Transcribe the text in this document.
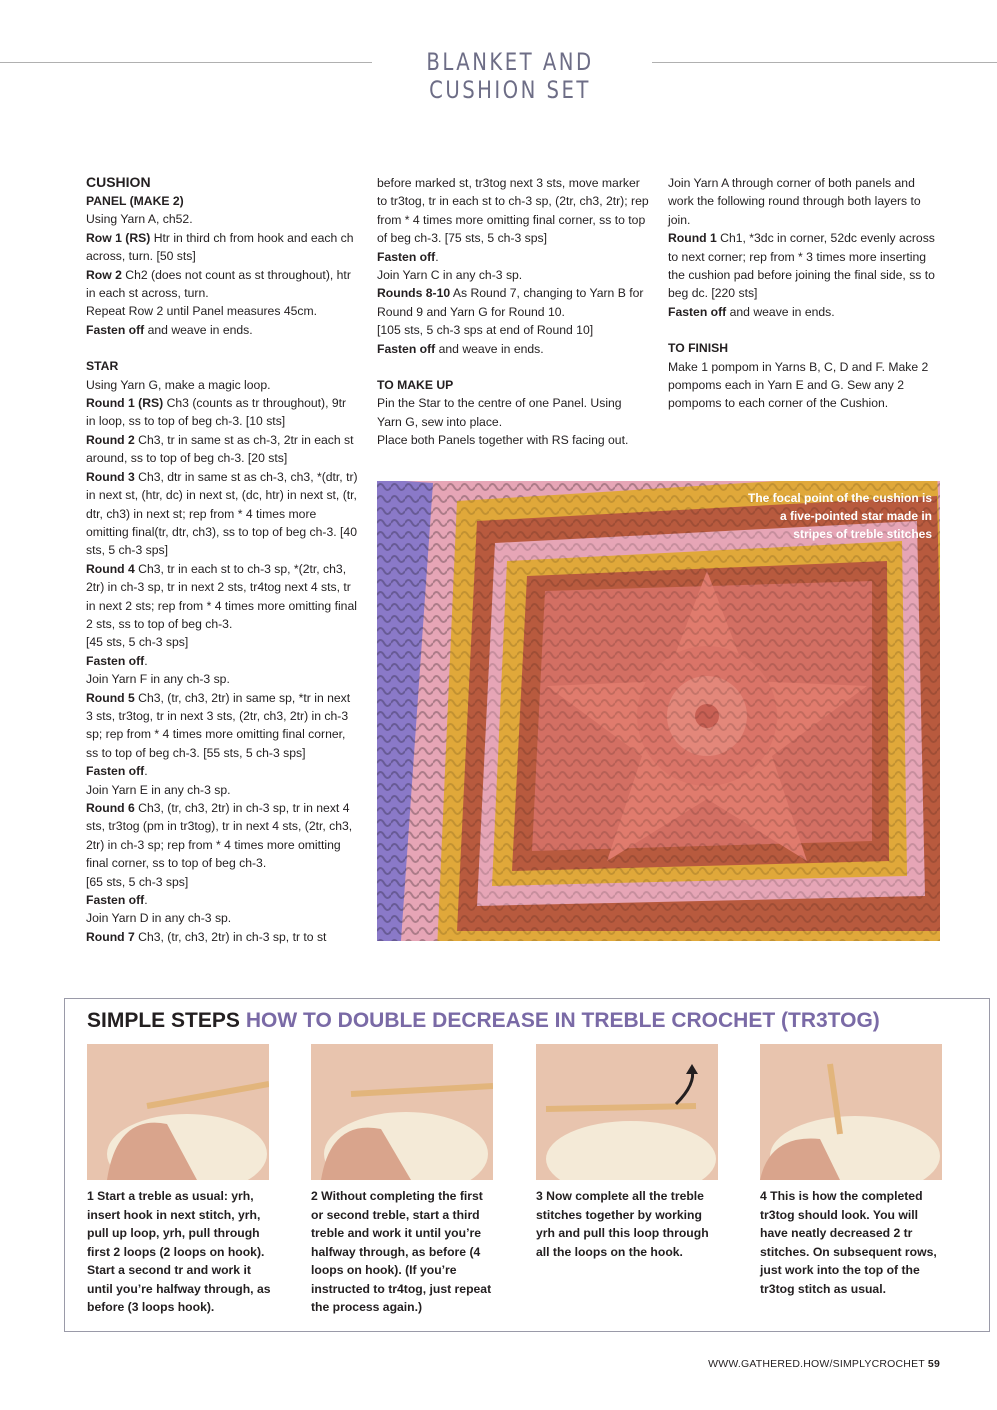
BLANKET AND CUSHION SET
CUSHION
PANEL (MAKE 2)

Using Yarn A, ch52.

Row 1 (RS) Htr in third ch from hook and each ch across, turn. [50 sts]

Row 2 Ch2 (does not count as st throughout), htr in each st across, turn.

Repeat Row 2 until Panel measures 45cm.

Fasten off and weave in ends.

STAR

Using Yarn G, make a magic loop.

Round 1 (RS) Ch3 (counts as tr throughout), 9tr in loop, ss to top of beg ch-3. [10 sts]

Round 2 Ch3, tr in same st as ch-3, 2tr in each st around, ss to top of beg ch-3. [20 sts]

Round 3 Ch3, dtr in same st as ch-3, ch3, *(dtr, tr) in next st, (htr, dc) in next st, (dc, htr) in next st, (tr, dtr, ch3) in next st; rep from * 4 times more omitting final(tr, dtr, ch3), ss to top of beg ch-3. [40 sts, 5 ch-3 sps]

Round 4 Ch3, tr in each st to ch-3 sp, *(2tr, ch3, 2tr) in ch-3 sp, tr in next 2 sts, tr4tog next 4 sts, tr in next 2 sts; rep from * 4 times more omitting final 2 sts, ss to top of beg ch-3.

[45 sts, 5 ch-3 sps]

Fasten off.

Join Yarn F in any ch-3 sp.

Round 5 Ch3, (tr, ch3, 2tr) in same sp, *tr in next 3 sts, tr3tog, tr in next 3 sts, (2tr, ch3, 2tr) in ch-3 sp; rep from * 4 times more omitting final corner, ss to top of beg ch-3. [55 sts, 5 ch-3 sps]

Fasten off.

Join Yarn E in any ch-3 sp.

Round 6 Ch3, (tr, ch3, 2tr) in ch-3 sp, tr in next 4 sts, tr3tog (pm in tr3tog), tr in next 4 sts, (2tr, ch3, 2tr) in ch-3 sp; rep from * 4 times more omitting final corner, ss to top of beg ch-3.

[65 sts, 5 ch-3 sps]

Fasten off.

Join Yarn D in any ch-3 sp.

Round 7 Ch3, (tr, ch3, 2tr) in ch-3 sp, tr to st

before marked st, tr3tog next 3 sts, move marker to tr3tog, tr in each st to ch-3 sp, (2tr, ch3, 2tr); rep from * 4 times more omitting final corner, ss to top of beg ch-3. [75 sts, 5 ch-3 sps]

Fasten off.

Join Yarn C in any ch-3 sp.

Rounds 8-10 As Round 7, changing to Yarn B for Round 9 and Yarn G for Round 10.

[105 sts, 5 ch-3 sps at end of Round 10]

Fasten off and weave in ends.

TO MAKE UP

Pin the Star to the centre of one Panel. Using Yarn G, sew into place.

Place both Panels together with RS facing out.

Join Yarn A through corner of both panels and work the following round through both layers to join.

Round 1 Ch1, *3dc in corner, 52dc evenly across to next corner; rep from * 3 times more inserting the cushion pad before joining the final side, ss to beg dc. [220 sts]

Fasten off and weave in ends.

TO FINISH

Make 1 pompom in Yarns B, C, D and F. Make 2 pompoms each in Yarn E and G. Sew any 2 pompoms to each corner of the Cushion.

The focal point of the cushion is a five-pointed star made in stripes of treble stitches
SIMPLE STEPS HOW TO DOUBLE DECREASE IN TREBLE CROCHET (TR3TOG)
1 Start a treble as usual: yrh, insert hook in next stitch, yrh, pull up loop, yrh, pull through first 2 loops (2 loops on hook). Start a second tr and work it until you’re halfway through, as before (3 loops hook).
2 Without completing the first or second treble, start a third treble and work it until you’re halfway through, as before (4 loops on hook). (If you’re instructed to tr4tog, just repeat the process again.)
3 Now complete all the treble stitches together by working yrh and pull this loop through all the loops on the hook.
4 This is how the completed tr3tog should look. You will have neatly decreased 2 tr stitches. On subsequent rows, just work into the top of the tr3tog stitch as usual.
WWW.GATHERED.HOW/SIMPLYCROCHET 59
